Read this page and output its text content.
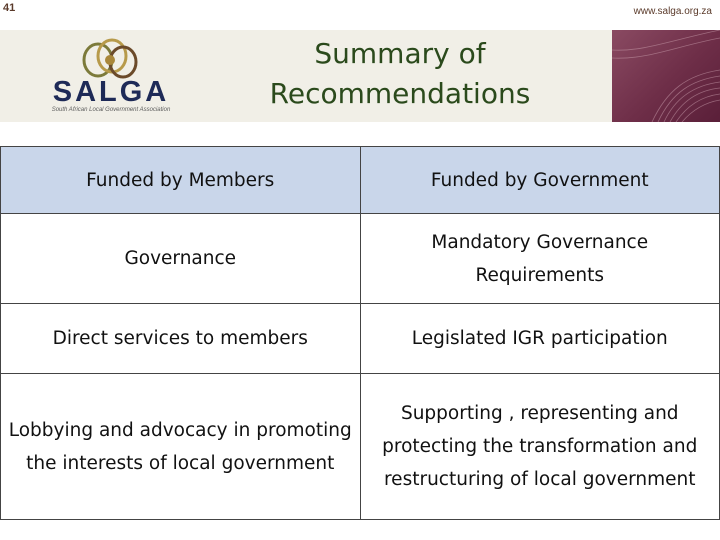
41	www.salga.org.za
SALGA
South African Local Government Association
Summary of Recommendations
Funded by Members	Funded by Government
Governance	Mandatory Governance Requirements
Direct services to members	Legislated IGR participation
Lobbying and advocacy in promoting the interests of local government	Supporting , representing and protecting the transformation and restructuring of local government
